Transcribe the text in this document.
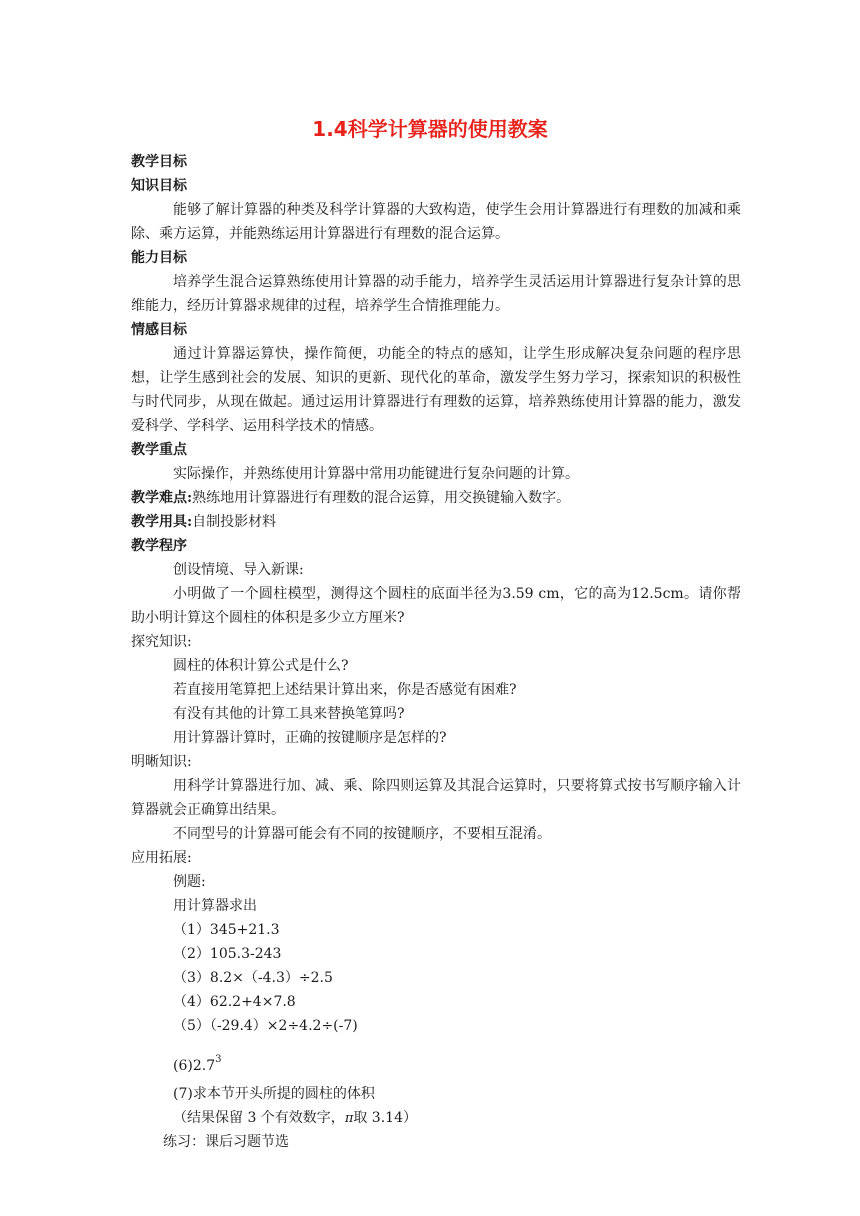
1.4科学计算器的使用教案
教学目标
知识目标
能够了解计算器的种类及科学计算器的大致构造，使学生会用计算器进行有理数的加减和乘除、乘方运算，并能熟练运用计算器进行有理数的混合运算。
能力目标
培养学生混合运算熟练使用计算器的动手能力，培养学生灵活运用计算器进行复杂计算的思维能力，经历计算器求规律的过程，培养学生合情推理能力。
情感目标
通过计算器运算快，操作简便，功能全的特点的感知，让学生形成解决复杂问题的程序思想，让学生感到社会的发展、知识的更新、现代化的革命，激发学生努力学习，探索知识的积极性与时代同步，从现在做起。通过运用计算器进行有理数的运算，培养熟练使用计算器的能力，激发爱科学、学科学、运用科学技术的情感。
教学重点
实际操作，并熟练使用计算器中常用功能键进行复杂问题的计算。
教学难点:熟练地用计算器进行有理数的混合运算，用交换键输入数字。
教学用具:自制投影材料
教学程序
创设情境、导入新课:
小明做了一个圆柱模型，测得这个圆柱的底面半径为3.59 cm，它的高为12.5cm。请你帮助小明计算这个圆柱的体积是多少立方厘米?
探究知识:
圆柱的体积计算公式是什么?
若直接用笔算把上述结果计算出来，你是否感觉有困难?
有没有其他的计算工具来替换笔算吗?
用计算器计算时，正确的按键顺序是怎样的?
明晰知识:
用科学计算器进行加、减、乘、除四则运算及其混合运算时，只要将算式按书写顺序输入计算器就会正确算出结果。
不同型号的计算器可能会有不同的按键顺序，不要相互混淆。
应用拓展:
例题:
用计算器求出
（1）345+21.3
（2）105.3-243
（3）8.2×（-4.3）÷2.5
（4）62.2+4×7.8
（5）（-29.4）×2÷4.2÷(-7)
$(6)2.7^3$
(7)求本节开头所提的圆柱的体积
（结果保留 3 个有效数字，π取 3.14）
练习：课后习题节选
